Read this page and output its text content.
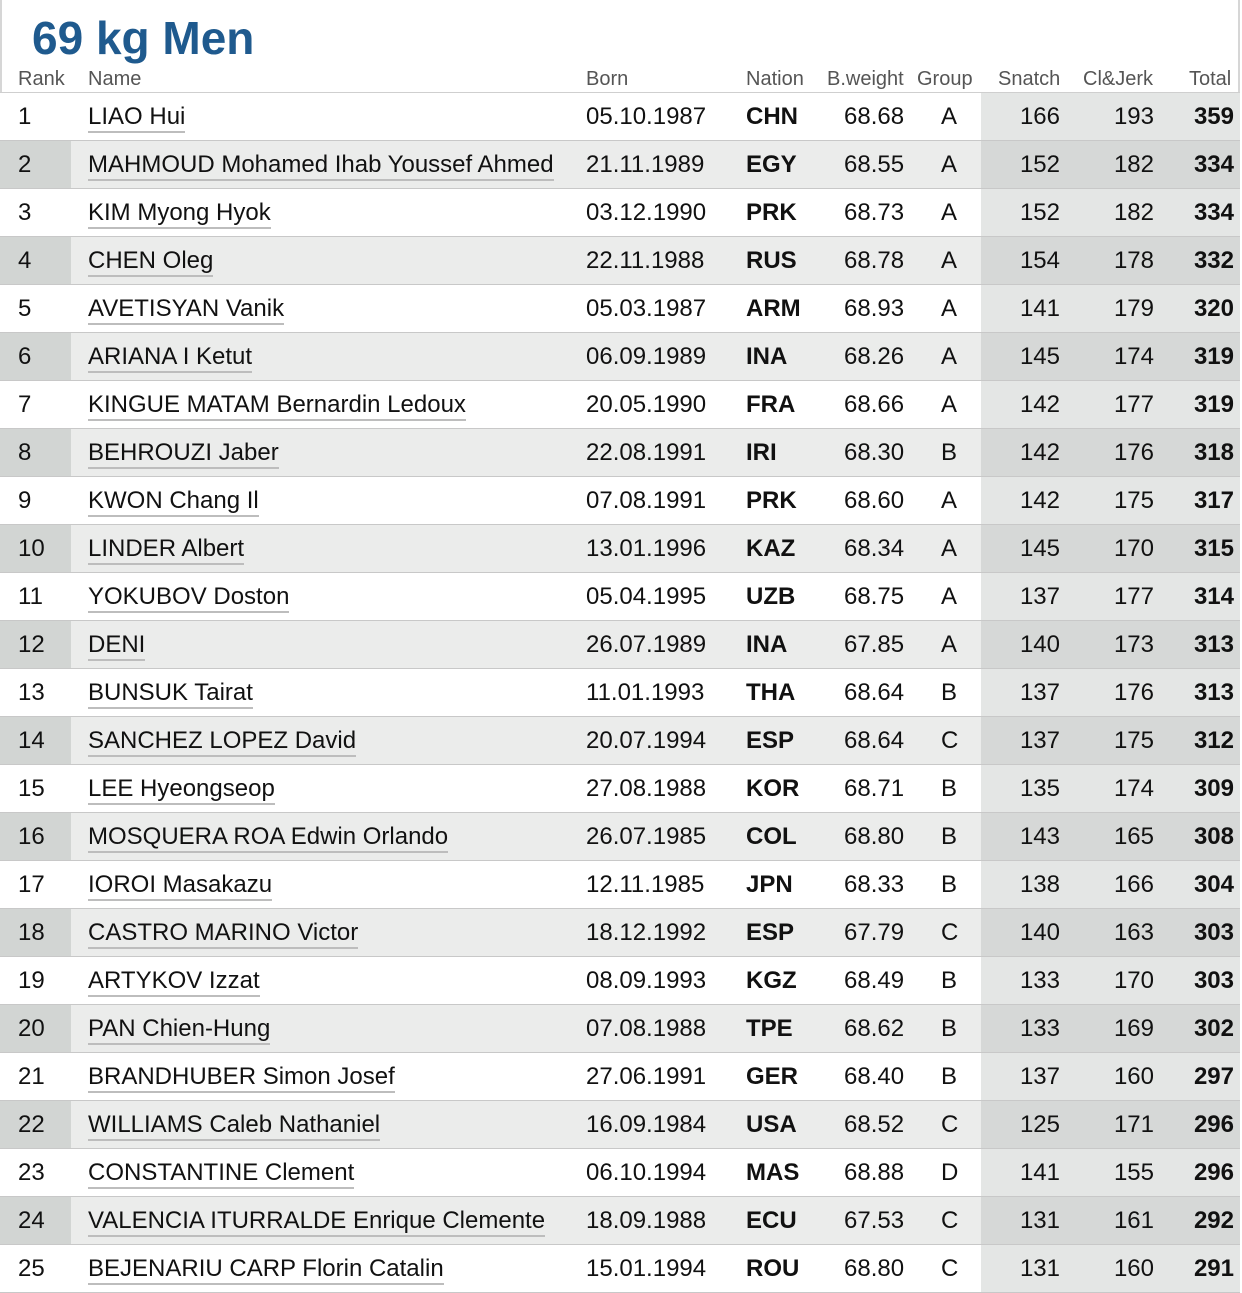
69 kg Men
Rank Name	Born	Nation B.weight Group Snatch Cl&Jerk Total
1 LIAO Hui	05.10.1987 CHN 68.68 A	166 193 359
2 MAHMOUD Mohamed Ihab Youssef Ahmed 21.11.1989 EGY 68.55 A	152 182 334
3 KIM Myong Hyok	03.12.1990 PRK 68.73 A	152 182 334
4 CHEN Oleg	22.11.1988 RUS 68.78 A	154 178 332
5 AVETISYAN Vanik	05.03.1987 ARM 68.93 A	141 179 320
6 ARIANA I Ketut	06.09.1989 INA 68.26 A	145 174 319
7 KINGUE MATAM Bernardin Ledoux	20.05.1990 FRA 68.66 A	142 177 319
8 BEHROUZI Jaber	22.08.1991 IRI	68.30 B	142 176 318
9 KWON Chang Il	07.08.1991 PRK 68.60 A	142 175 317
10 LINDER Albert	13.01.1996 KAZ 68.34 A	145 170 315
11 YOKUBOV Doston	05.04.1995 UZB 68.75 A	137 177 314
12 DENI	26.07.1989 INA 67.85 A	140 173 313
13 BUNSUK Tairat	11.01.1993 THA 68.64 B	137 176 313
14 SANCHEZ LOPEZ David	20.07.1994 ESP 68.64 C	137 175 312
15 LEE Hyeongseop	27.08.1988 KOR 68.71 B	135 174 309
16 MOSQUERA ROA Edwin Orlando	26.07.1985 COL 68.80 B	143 165 308
17 IOROI Masakazu	12.11.1985 JPN 68.33 B	138 166 304
18 CASTRO MARINO Victor	18.12.1992 ESP 67.79 C	140 163 303
19 ARTYKOV Izzat	08.09.1993 KGZ 68.49 B	133 170 303
20 PAN Chien-Hung	07.08.1988 TPE 68.62 B	133 169 302
21 BRANDHUBER Simon Josef	27.06.1991 GER 68.40 B	137 160 297
22 WILLIAMS Caleb Nathaniel	16.09.1984 USA 68.52 C	125 171 296
23 CONSTANTINE Clement	06.10.1994 MAS 68.88 D	141 155 296
24 VALENCIA ITURRALDE Enrique Clemente 18.09.1988 ECU 67.53 C	131 161 292
25 BEJENARIU CARP Florin Catalin	15.01.1994 ROU 68.80 C	131 160 291
